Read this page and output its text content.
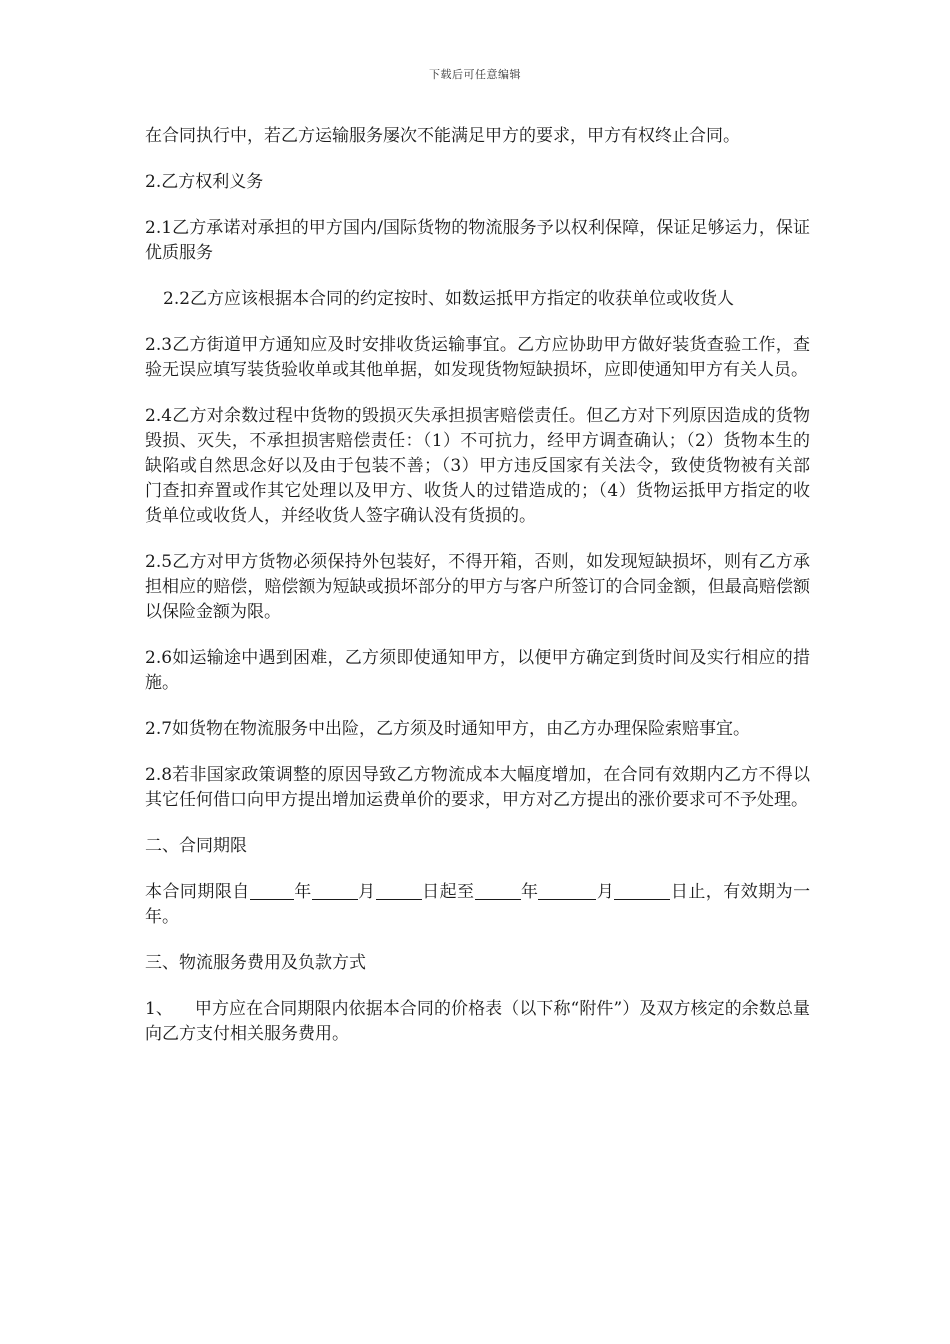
下载后可任意编辑

在合同执行中，若乙方运输服务屡次不能满足甲方的要求，甲方有权终止合同。

2.乙方权利义务

2.1乙方承诺对承担的甲方国内/国际货物的物流服务予以权利保障，保证足够运力，保证优质服务

2.2乙方应该根据本合同的约定按时、如数运抵甲方指定的收获单位或收货人

2.3乙方街道甲方通知应及时安排收货运输事宜。乙方应协助甲方做好装货查验工作，查验无误应填写装货验收单或其他单据，如发现货物短缺损坏，应即使通知甲方有关人员。

2.4乙方对余数过程中货物的毁损灭失承担损害赔偿责任。但乙方对下列原因造成的货物毁损、灭失，不承担损害赔偿责任：（1）不可抗力，经甲方调查确认；（2）货物本生的缺陷或自然思念好以及由于包装不善；（3）甲方违反国家有关法令，致使货物被有关部门查扣弃置或作其它处理以及甲方、收货人的过错造成的；（4）货物运抵甲方指定的收货单位或收货人，并经收货人签字确认没有货损的。

2.5乙方对甲方货物必须保持外包装好，不得开箱，否则，如发现短缺损坏，则有乙方承担相应的赔偿，赔偿额为短缺或损坏部分的甲方与客户所签订的合同金额，但最高赔偿额以保险金额为限。

2.6如运输途中遇到困难，乙方须即使通知甲方，以便甲方确定到货时间及实行相应的措施。

2.7如货物在物流服务中出险，乙方须及时通知甲方，由乙方办理保险索赔事宜。

2.8若非国家政策调整的原因导致乙方物流成本大幅度增加，在合同有效期内乙方不得以其它任何借口向甲方提出增加运费单价的要求，甲方对乙方提出的涨价要求可不予处理。

二、合同期限

本合同期限自	年	月	日起至	年	月	日止，有效期为一年。

三、物流服务费用及负款方式

1、    甲方应在合同期限内依据本合同的价格表（以下称“附件”）及双方核定的余数总量向乙方支付相关服务费用。
